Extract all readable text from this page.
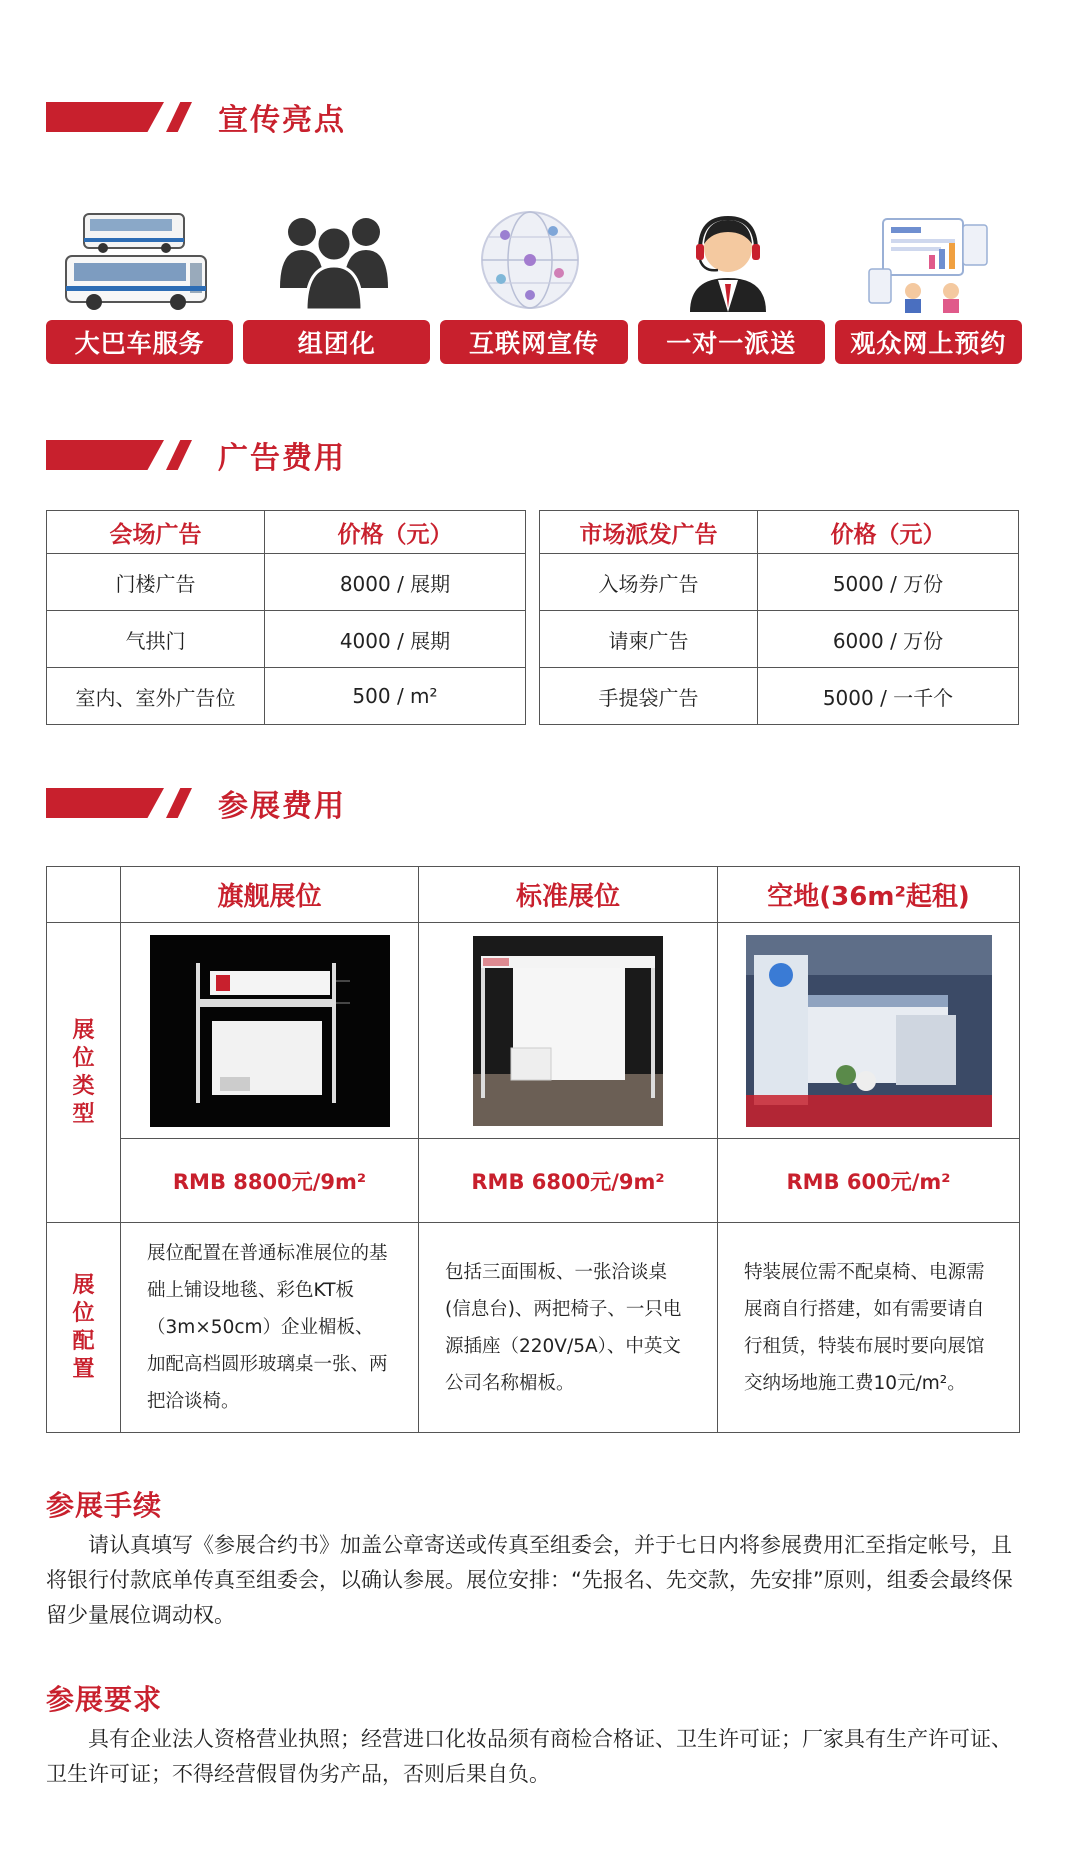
宣传亮点
大巴车服务	组团化	互联网宣传	一对一派送	观众网上预约
广告费用
会场广告	价格（元）
门楼广告	8000 / 展期
气拱门	4000 / 展期
室内、室外广告位	500 / m²
市场派发广告	价格（元）
入场券广告	5000 / 万份
请柬广告	6000 / 万份
手提袋广告	5000 / 一千个
参展费用
	旗舰展位	标准展位	空地(36m²起租)

展位类型

	RMB 8800元/9m²	RMB 6800元/9m²	RMB 600元/m²

展位配置	展位配置在普通标准展位的基础上铺设地毯、彩色KT板（3m×50cm）企业楣板、加配高档圆形玻璃桌一张、两把洽谈椅。	包括三面围板、一张洽谈桌(信息台)、两把椅子、一只电源插座（220V/5A）、中英文公司名称楣板。	特装展位需不配桌椅、电源需展商自行搭建，如有需要请自行租赁，特装布展时要向展馆交纳场地施工费10元/m²。
参展手续
请认真填写《参展合约书》加盖公章寄送或传真至组委会，并于七日内将参展费用汇至指定帐号，且将银行付款底单传真至组委会，以确认参展。展位安排：“先报名、先交款，先安排”原则，组委会最终保留少量展位调动权。
参展要求
具有企业法人资格营业执照；经营进口化妆品须有商检合格证、卫生许可证；厂家具有生产许可证、卫生许可证；不得经营假冒伪劣产品，否则后果自负。
